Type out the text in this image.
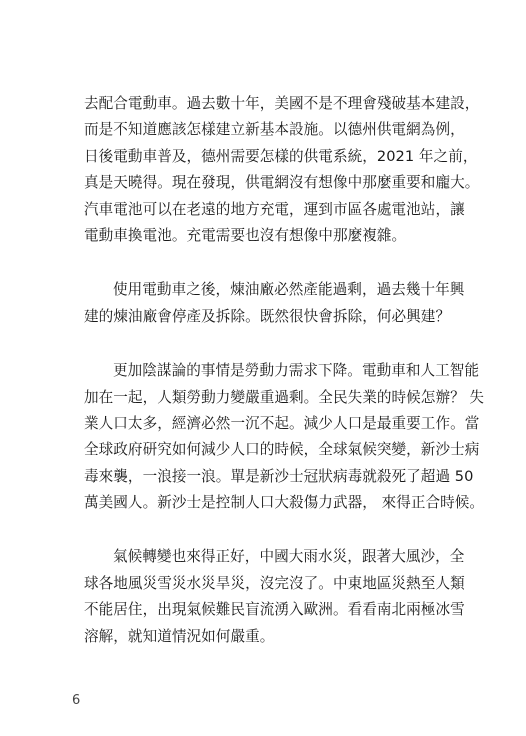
去配合電動車。過去數十年，美國不是不理會殘破基本建設，
而是不知道應該怎樣建立新基本設施。以德州供電網為例，
日後電動車普及，德州需要怎樣的供電系統，2021 年之前，
真是天曉得。現在發現，供電網沒有想像中那麼重要和龐大。
汽車電池可以在老遠的地方充電，運到市區各處電池站，讓
電動車換電池。充電需要也沒有想像中那麼複雜。
使用電動車之後，煉油廠必然產能過剩，過去幾十年興
建的煉油廠會停產及拆除。既然很快會拆除，何必興建？
更加陰謀論的事情是勞動力需求下降。電動車和人工智能
加在一起，人類勞動力變嚴重過剩。全民失業的時候怎辦？ 失
業人口太多，經濟必然一沉不起。減少人口是最重要工作。當
全球政府研究如何減少人口的時候，全球氣候突變，新沙士病
毒來襲，一浪接一浪。單是新沙士冠狀病毒就殺死了超過 50
萬美國人。新沙士是控制人口大殺傷力武器， 來得正合時候。
氣候轉變也來得正好，中國大雨水災，跟著大風沙，全
球各地風災雪災水災旱災，沒完沒了。中東地區災熱至人類
不能居住，出現氣候難民盲流湧入歐洲。看看南北兩極冰雪
溶解，就知道情況如何嚴重。
6
